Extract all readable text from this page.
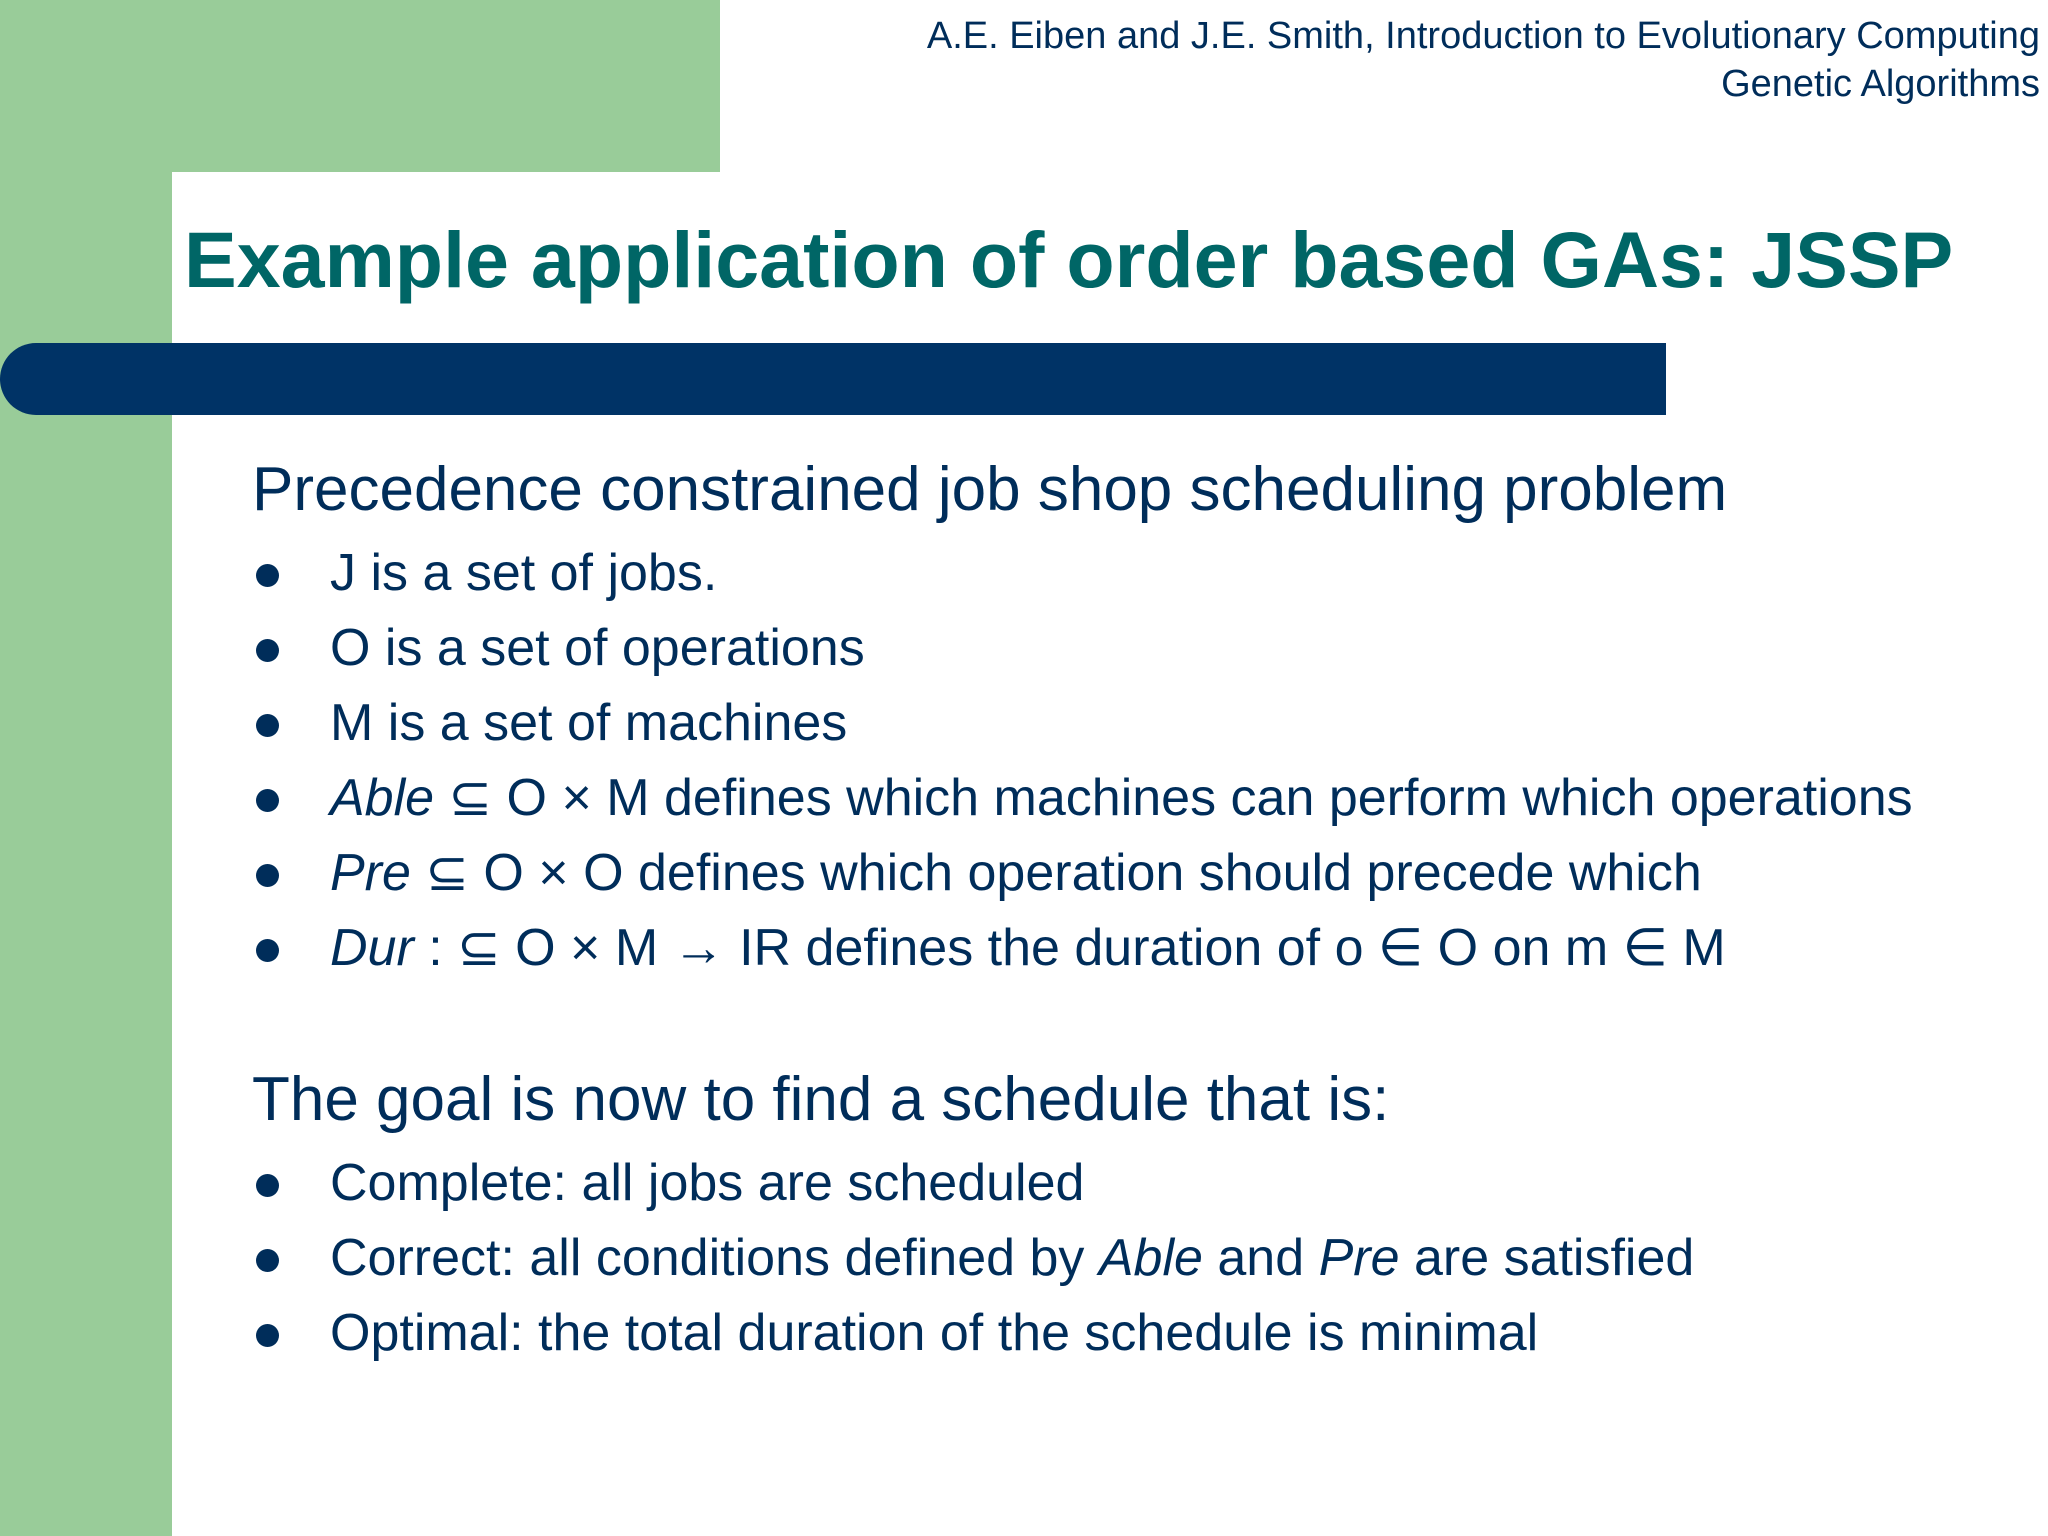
A.E. Eiben and J.E. Smith, Introduction to Evolutionary Computing
Genetic Algorithms
Example application of order based GAs: JSSP
Precedence constrained job shop scheduling problem
J is a set of jobs.
O is a set of operations
M is a set of machines
Able ⊆ O × M defines which machines can perform which operations
Pre ⊆ O × O defines which operation should precede which
Dur : ⊆ O × M → IR defines the duration of o ∈ O on m ∈ M
The goal is now to find a schedule that is:
Complete: all jobs are scheduled
Correct: all conditions defined by Able and Pre are satisfied
Optimal: the total duration of the schedule is minimal
